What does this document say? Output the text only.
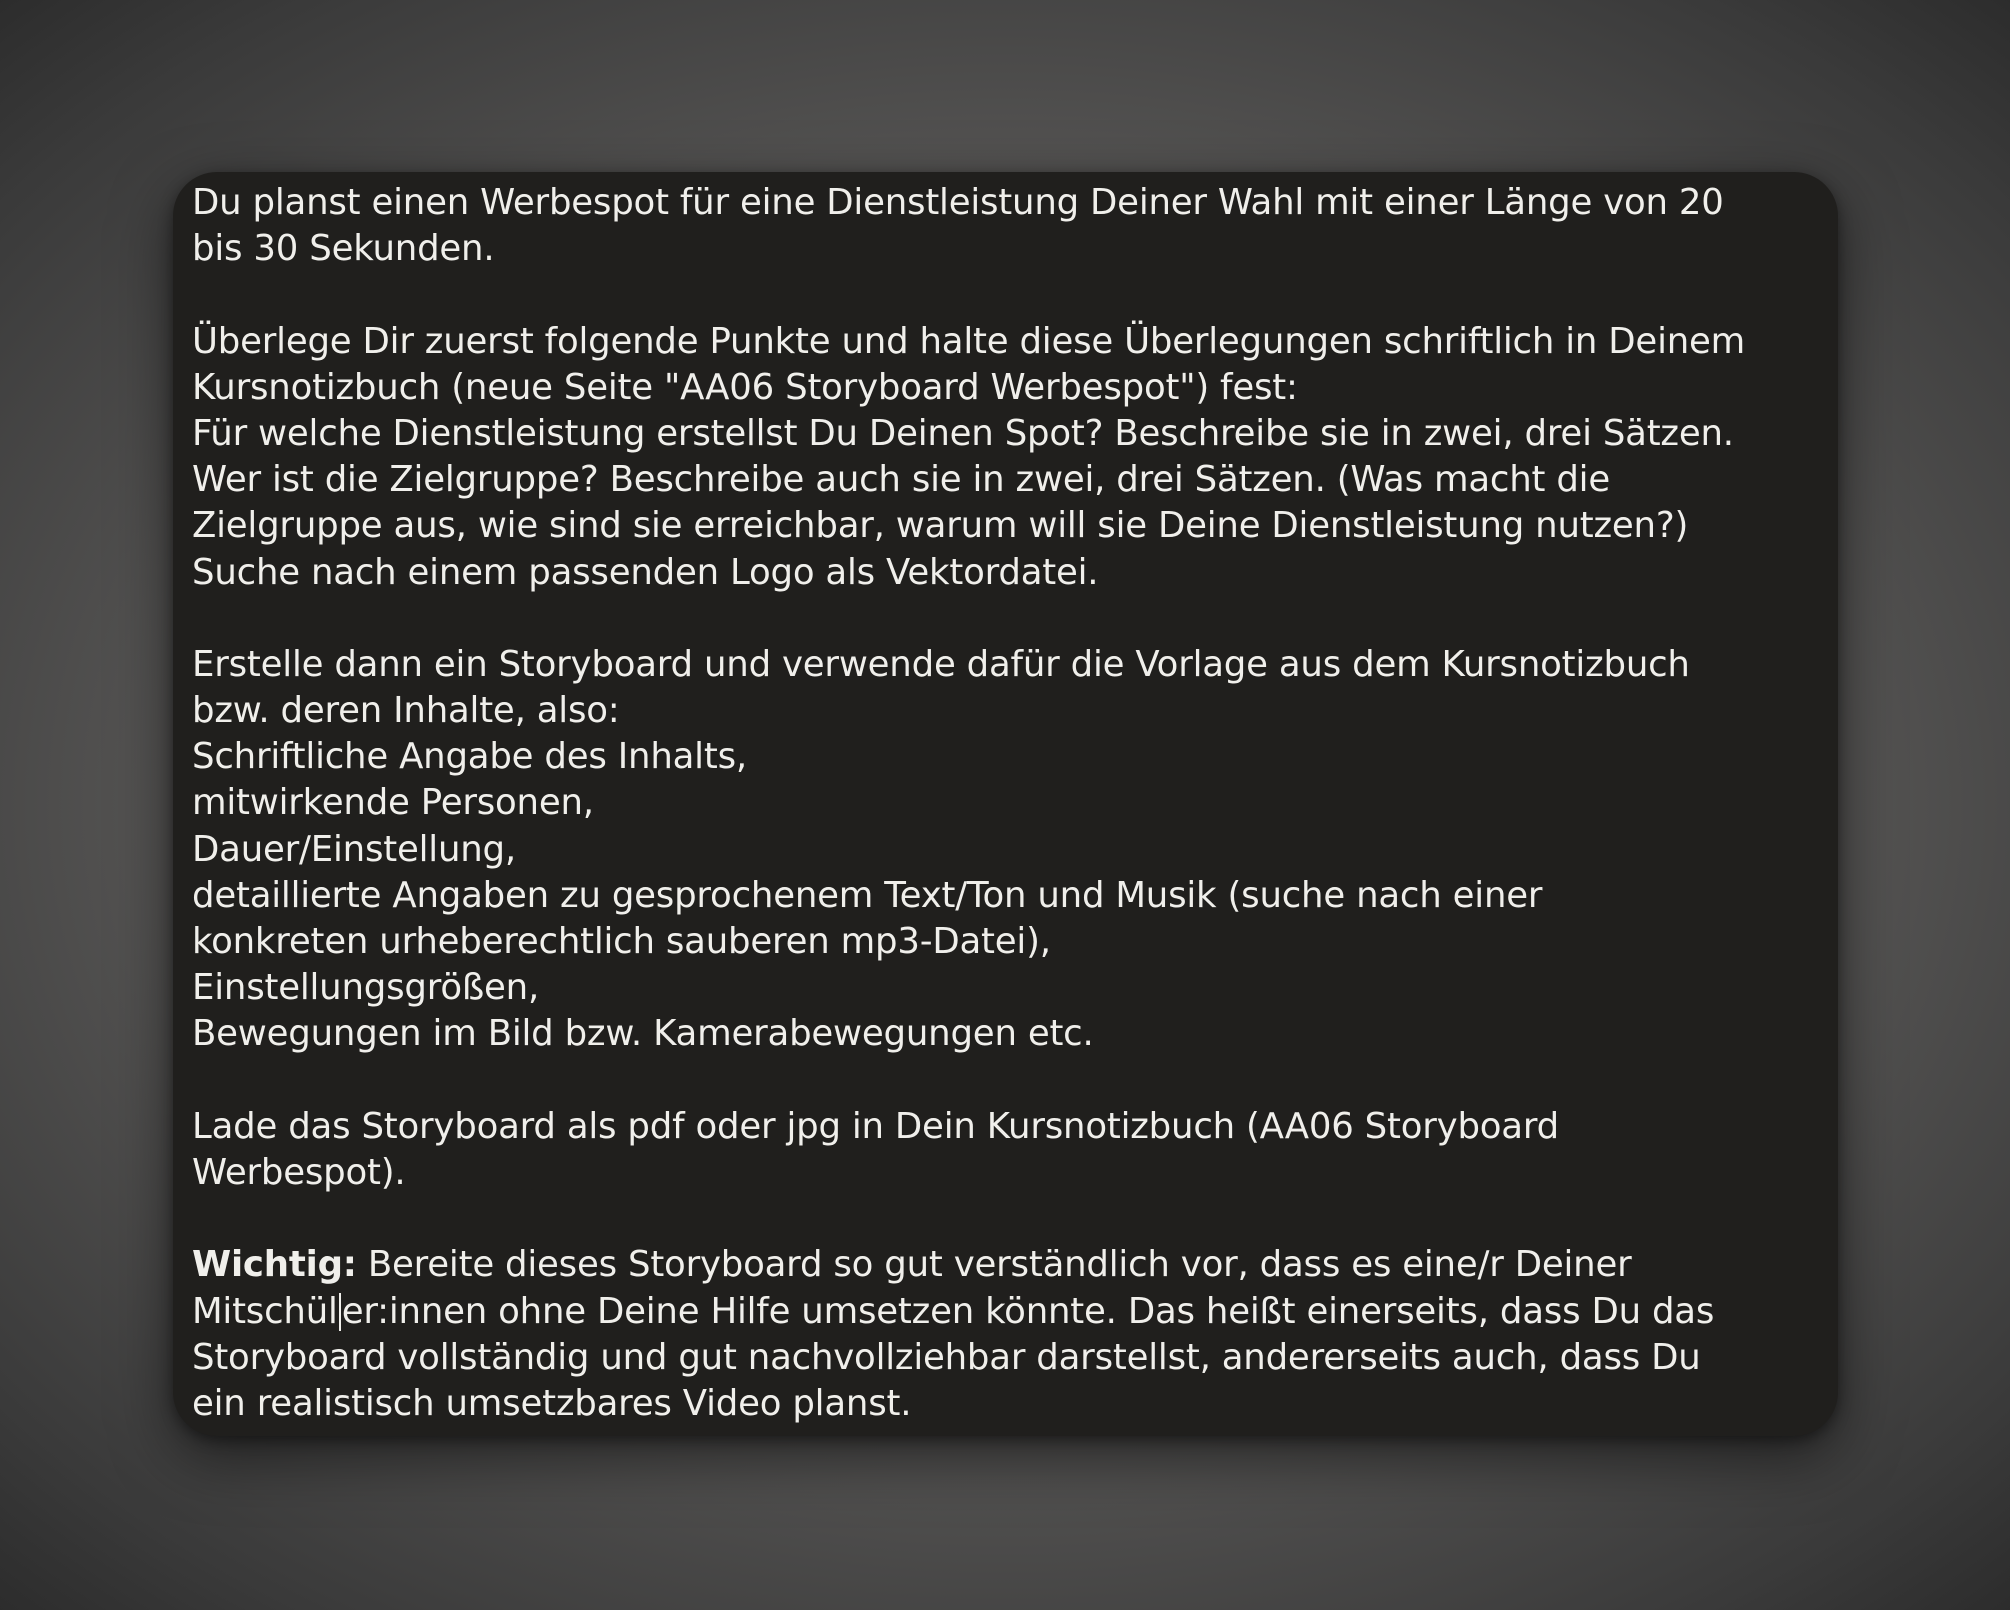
Du planst einen Werbespot für eine Dienstleistung Deiner Wahl mit einer Länge von 20
bis 30 Sekunden.
Überlege Dir zuerst folgende Punkte und halte diese Überlegungen schriftlich in Deinem
Kursnotizbuch (neue Seite "AA06 Storyboard Werbespot") fest:
Für welche Dienstleistung erstellst Du Deinen Spot? Beschreibe sie in zwei, drei Sätzen.
Wer ist die Zielgruppe? Beschreibe auch sie in zwei, drei Sätzen. (Was macht die
Zielgruppe aus, wie sind sie erreichbar, warum will sie Deine Dienstleistung nutzen?)
Suche nach einem passenden Logo als Vektordatei.
Erstelle dann ein Storyboard und verwende dafür die Vorlage aus dem Kursnotizbuch
bzw. deren Inhalte, also:
Schriftliche Angabe des Inhalts,
mitwirkende Personen,
Dauer/Einstellung,
detaillierte Angaben zu gesprochenem Text/Ton und Musik (suche nach einer
konkreten urheberechtlich sauberen mp3-Datei),
Einstellungsgrößen,
Bewegungen im Bild bzw. Kamerabewegungen etc.
Lade das Storyboard als pdf oder jpg in Dein Kursnotizbuch (AA06 Storyboard
Werbespot).
Wichtig: Bereite dieses Storyboard so gut verständlich vor, dass es eine/r Deiner
Mitschül er:innen ohne Deine Hilfe umsetzen könnte. Das heißt einerseits, dass Du das
Storyboard vollständig und gut nachvollziehbar darstellst, andererseits auch, dass Du
ein realistisch umsetzbares Video planst.
